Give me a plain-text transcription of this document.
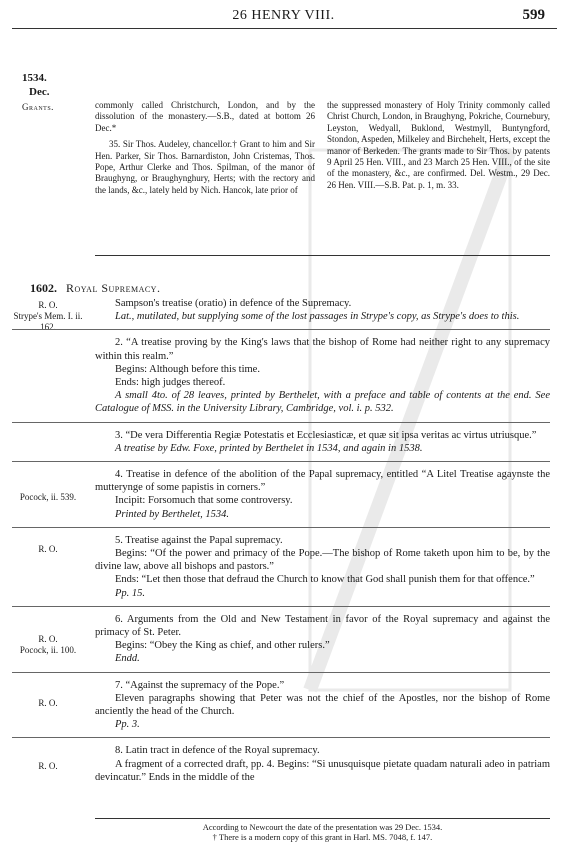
26 HENRY VIII.	599
1534.
Dec.
Grants.	commonly called Christchurch, London, and by the dissolution of the monastery.—S.B., dated at bottom 26 Dec.*

35. Sir Thos. Audeley, chancellor.† Grant to him and Sir Hen. Parker, Sir Thos. Barnardiston, John Cristemas, Thos. Pope, Arthur Clerke and Thos. Spilman, of the manor of Braughyng, or Braughynghury, Herts; with the rectory and the lands, &c., lately held by Nich. Hancok, late prior of

the suppressed monastery of Holy Trinity commonly called Christ Church, London, in Braughyng, Pokriche, Cournebury, Leyston, Wedyall, Buklond, Westmyll, Buntyngford, Stondon, Aspeden, Milkeley and Birchehelt, Herts, except the manor of Berkeden. The grants made to Sir Thos. by patents 9 April 25 Hen. VIII., and 23 March 25 Hen. VIII., of the site of the monastery, &c., are confirmed. Del. Westm., 29 Dec. 26 Hen. VIII.—S.B. Pat. p. 1, m. 33.

1602. Royal Supremacy.
R. O.
Strype's Mem. I. ii. 162.
Pocock, ii. 539.
R. O.
R. O.
Pocock, ii. 100.
R. O.
R. O.
Sampson's treatise (oratio) in defence of the Supremacy.
Lat., mutilated, but supplying some of the lost passages in Strype's copy, as Strype's does to this.
2. “A treatise proving by the King's laws that the bishop of Rome had neither right to any supremacy within this realm.”
Begins: Although before this time.
Ends: high judges thereof.
A small 4to. of 28 leaves, printed by Berthelet, with a preface and table of contents at the end. See Catalogue of MSS. in the University Library, Cambridge, vol. i. p. 532.
3. “De vera Differentia Regiæ Potestatis et Ecclesiasticæ, et quæ sit ipsa veritas ac virtus utriusque.”
A treatise by Edw. Foxe, printed by Berthelet in 1534, and again in 1538.
4. Treatise in defence of the abolition of the Papal supremacy, entitled “A Litel Treatise agaynste the mutterynge of some papistis in corners.”
Incipit: Forsomuch that some controversy.
Printed by Berthelet, 1534.
5. Treatise against the Papal supremacy.
Begins: “Of the power and primacy of the Pope.—The bishop of Rome taketh upon him to be, by the divine law, above all bishops and pastors.”
Ends: “Let then those that defraud the Church to know that God shall punish them for that offence.”
Pp. 15.
6. Arguments from the Old and New Testament in favor of the Royal supremacy and against the primacy of St. Peter.
Begins: “Obey the King as chief, and other rulers.”
Endd.
7. “Against the supremacy of the Pope.”
Eleven paragraphs showing that Peter was not the chief of the Apostles, nor the bishop of Rome anciently the head of the Church.
Pp. 3.
8. Latin tract in defence of the Royal supremacy.
A fragment of a corrected draft, pp. 4. Begins: “Si unusquisque pietate quadam naturali adeo in patriam devincatur.” Ends in the middle of the
According to Newcourt the date of the presentation was 29 Dec. 1534.
† There is a modern copy of this grant in Harl. MS. 7048, f. 147.
